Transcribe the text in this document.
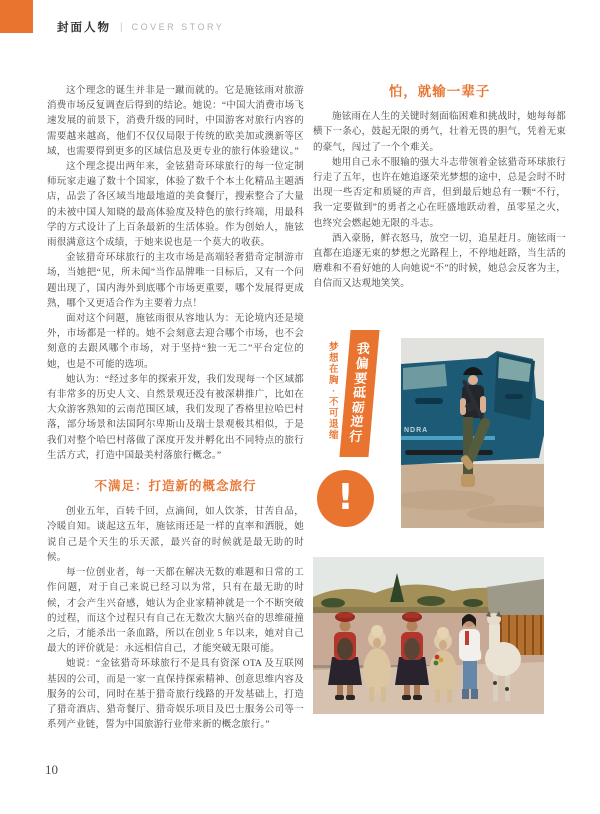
封面人物 | COVER STORY

这个理念的诞生并非是一蹴而就的。它是施铉雨对旅游消费市场反复调查后得到的结论。她说：“中国大消费市场飞速发展的前景下，消费升级的同时，中国游客对旅行内容的需要越来越高，他们不仅仅局限于传统的欧美加或澳新等区域，也需要得到更多的区域信息及更专业的旅行体验建议。”

这个理念提出两年来，金铉猎奇环球旅行的每一位定制师玩家走遍了数十个国家，体验了数千个本土化精品主题酒店，品尝了各区域当地最地道的美食餐厅，搜索整合了大量的未被中国人知晓的最高体验度及特色的旅行终端，用最科学的方式设计了上百条最新的生活体验。作为创始人，施铉雨很满意这个成绩，于她来说也是一个莫大的收获。

金铉猎奇环球旅行的主攻市场是高端轻奢猎奇定制游市场，当她把“见，所未闻”当作品牌唯一目标后，又有一个问题出现了，国内海外到底哪个市场更重要，哪个发展得更成熟，哪个又更适合作为主要着力点！

面对这个问题，施铉雨很从容地认为：无论境内还是境外，市场都是一样的。她不会刻意去迎合哪个市场，也不会刻意的去跟风哪个市场，对于坚持“独一无二”平台定位的她，也是不可能的选项。

她认为：“经过多年的探索开发，我们发现每一个区域都有非常多的历史人文、自然景观还没有被深耕推广，比如在大众游客熟知的云南范围区域，我们发现了香格里拉哈巴村落，部分场景和法国阿尔卑斯山及瑞士景观极其相似，于是我们对整个哈巴村落做了深度开发并孵化出不同特点的旅行生活方式，打造中国最美村落旅行概念。”

不满足：打造新的概念旅行

创业五年，百转千回，点滴间，如人饮茶，甘苦自品，冷暖自知。谈起这五年，施铉雨还是一样的直率和洒脱，她说自己是个天生的乐天派，最兴奋的时候就是最无助的时候。

每一位创业者，每一天都在解决无数的难题和日常的工作问题，对于自己来说已经习以为常，只有在最无助的时候，才会产生兴奋感，她认为企业家精神就是一个不断突破的过程，而这个过程只有自己在无数次大脑兴奋的思维碰撞之后，才能杀出一条血路，所以在创业 5 年以来，她对自己最大的评价就是：永远相信自己，才能突破无限可能。

她说：“金铉猎奇环球旅行不是具有资深 OTA 及互联网基因的公司，而是一家一直保持探索精神、创意思维内容及服务的公司，同时在基于猎奇旅行线路的开发基础上，打造了猎奇酒店、猎奇餐厅、猎奇娱乐项目及巴士服务公司等一系列产业链，誓为中国旅游行业带来新的概念旅行。”

怕，就输一辈子

施铉雨在人生的关键时刻面临困难和挑战时，她每每都横下一条心，鼓起无限的勇气，壮着无畏的胆气，凭着无束的豪气，闯过了一个个难关。

她用自己永不服输的强大斗志带领着金铉猎奇环球旅行行走了五年，也许在她追逐荣光梦想的途中，总是会时不时出现一些否定和质疑的声音，但到最后她总有一颗“不行，我一定要做到”的勇者之心在旺盛地跃动着，虽零星之火，也终究会燃起她无限的斗志。

酒入豪肠，鲜衣怒马，放空一切，追星赶月。施铉雨一直都在追逐无束的梦想之光路程上，不停地赶路，当生活的磨难和不看好她的人向她说“不”的时候，她总会反客为主，自信而又达观地笑笑。

梦想在胸·不可退缩
我偏要砥砺逆行
!
NDRA
10
